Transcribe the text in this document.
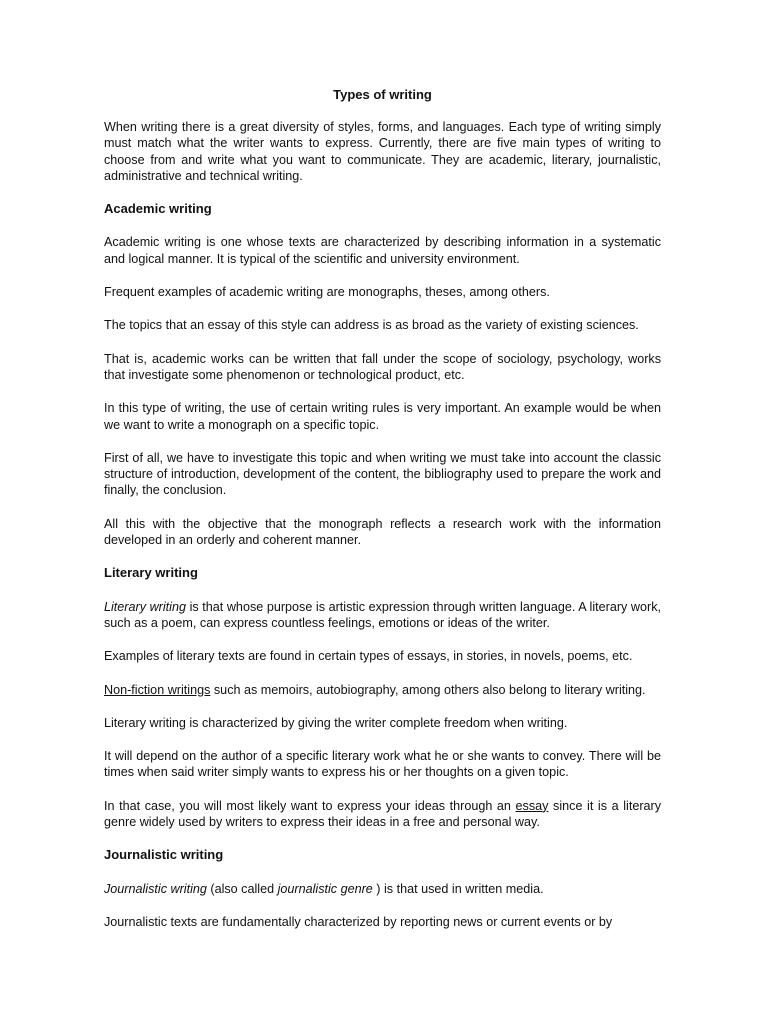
Types of writing

When writing there is a great diversity of styles, forms, and languages. Each type of writing simply must match what the writer wants to express. Currently, there are five main types of writing to choose from and write what you want to communicate. They are academic, literary, journalistic, administrative and technical writing.

Academic writing

Academic writing is one whose texts are characterized by describing information in a systematic and logical manner. It is typical of the scientific and university environment.

Frequent examples of academic writing are monographs, theses, among others.

The topics that an essay of this style can address is as broad as the variety of existing sciences.

That is, academic works can be written that fall under the scope of sociology, psychology, works that investigate some phenomenon or technological product, etc.

In this type of writing, the use of certain writing rules is very important. An example would be when we want to write a monograph on a specific topic.

First of all, we have to investigate this topic and when writing we must take into account the classic structure of introduction, development of the content, the bibliography used to prepare the work and finally, the conclusion.

All this with the objective that the monograph reflects a research work with the information developed in an orderly and coherent manner.

Literary writing

Literary writing is that whose purpose is artistic expression through written language. A literary work, such as a poem, can express countless feelings, emotions or ideas of the writer.

Examples of literary texts are found in certain types of essays, in stories, in novels, poems, etc.

Non-fiction writings such as memoirs, autobiography, among others also belong to literary writing.

Literary writing is characterized by giving the writer complete freedom when writing.

It will depend on the author of a specific literary work what he or she wants to convey. There will be times when said writer simply wants to express his or her thoughts on a given topic.

In that case, you will most likely want to express your ideas through an essay since it is a literary genre widely used by writers to express their ideas in a free and personal way.

Journalistic writing

Journalistic writing (also called journalistic genre ) is that used in written media.

Journalistic texts are fundamentally characterized by reporting news or current events or by
